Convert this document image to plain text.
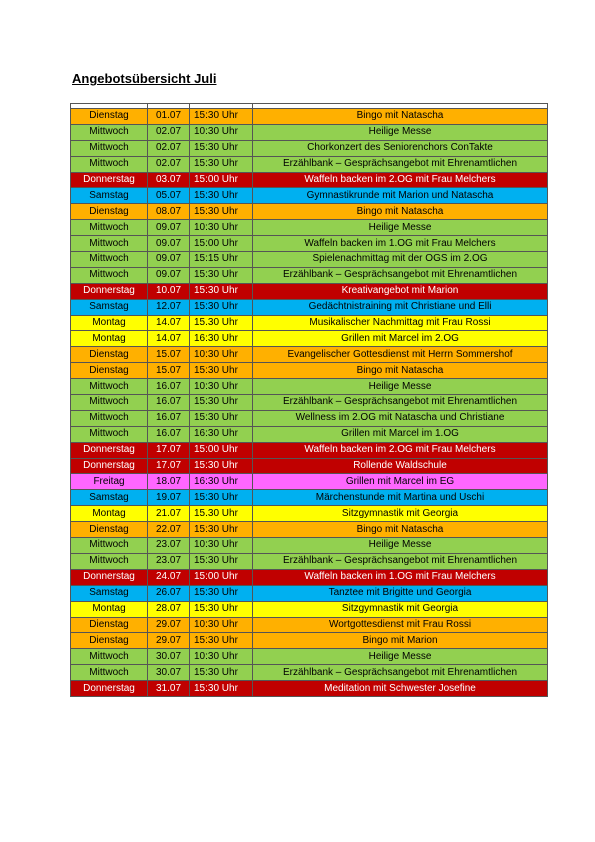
Angebotsübersicht Juli

Dienstag	01.07	15:30 Uhr	Bingo mit Natascha
Mittwoch	02.07	10:30 Uhr	Heilige Messe
Mittwoch	02.07	15:30 Uhr	Chorkonzert des Seniorenchors ConTakte
Mittwoch	02.07	15:30 Uhr	Erzählbank – Gesprächsangebot mit Ehrenamtlichen
Donnerstag	03.07	15:00 Uhr	Waffeln backen im 2.OG mit Frau Melchers
Samstag	05.07	15:30 Uhr	Gymnastikrunde mit Marion und Natascha
Dienstag	08.07	15:30 Uhr	Bingo mit Natascha
Mittwoch	09.07	10:30 Uhr	Heilige Messe
Mittwoch	09.07	15:00 Uhr	Waffeln backen im 1.OG mit Frau Melchers
Mittwoch	09.07	15:15 Uhr	Spielenachmittag mit der OGS im 2.OG
Mittwoch	09.07	15:30 Uhr	Erzählbank – Gesprächsangebot mit Ehrenamtlichen
Donnerstag	10.07	15:30 Uhr	Kreativangebot mit Marion
Samstag	12.07	15:30 Uhr	Gedächtnistraining mit Christiane und Elli
Montag	14.07	15.30 Uhr	Musikalischer Nachmittag mit Frau Rossi
Montag	14.07	16:30 Uhr	Grillen mit Marcel im 2.OG
Dienstag	15.07	10:30 Uhr	Evangelischer Gottesdienst mit Herrn Sommershof
Dienstag	15.07	15:30 Uhr	Bingo mit Natascha
Mittwoch	16.07	10:30 Uhr	Heilige Messe
Mittwoch	16.07	15:30 Uhr	Erzählbank – Gesprächsangebot mit Ehrenamtlichen
Mittwoch	16.07	15:30 Uhr	Wellness im 2.OG mit Natascha und Christiane
Mittwoch	16.07	16:30 Uhr	Grillen mit Marcel im 1.OG
Donnerstag	17.07	15:00 Uhr	Waffeln backen im 2.OG mit Frau Melchers
Donnerstag	17.07	15:30 Uhr	Rollende Waldschule
Freitag	18.07	16:30 Uhr	Grillen mit Marcel im EG
Samstag	19.07	15:30 Uhr	Märchenstunde mit Martina und Uschi
Montag	21.07	15.30 Uhr	Sitzgymnastik mit Georgia
Dienstag	22.07	15:30 Uhr	Bingo mit Natascha
Mittwoch	23.07	10:30 Uhr	Heilige Messe
Mittwoch	23.07	15:30 Uhr	Erzählbank – Gesprächsangebot mit Ehrenamtlichen
Donnerstag	24.07	15:00 Uhr	Waffeln backen im 1.OG mit Frau Melchers
Samstag	26.07	15:30 Uhr	Tanztee mit Brigitte und Georgia
Montag	28.07	15:30 Uhr	Sitzgymnastik mit Georgia
Dienstag	29.07	10:30 Uhr	Wortgottesdienst mit Frau Rossi
Dienstag	29.07	15:30 Uhr	Bingo mit Marion
Mittwoch	30.07	10:30 Uhr	Heilige Messe
Mittwoch	30.07	15:30 Uhr	Erzählbank – Gesprächsangebot mit Ehrenamtlichen
Donnerstag	31.07	15:30 Uhr	Meditation mit Schwester Josefine
